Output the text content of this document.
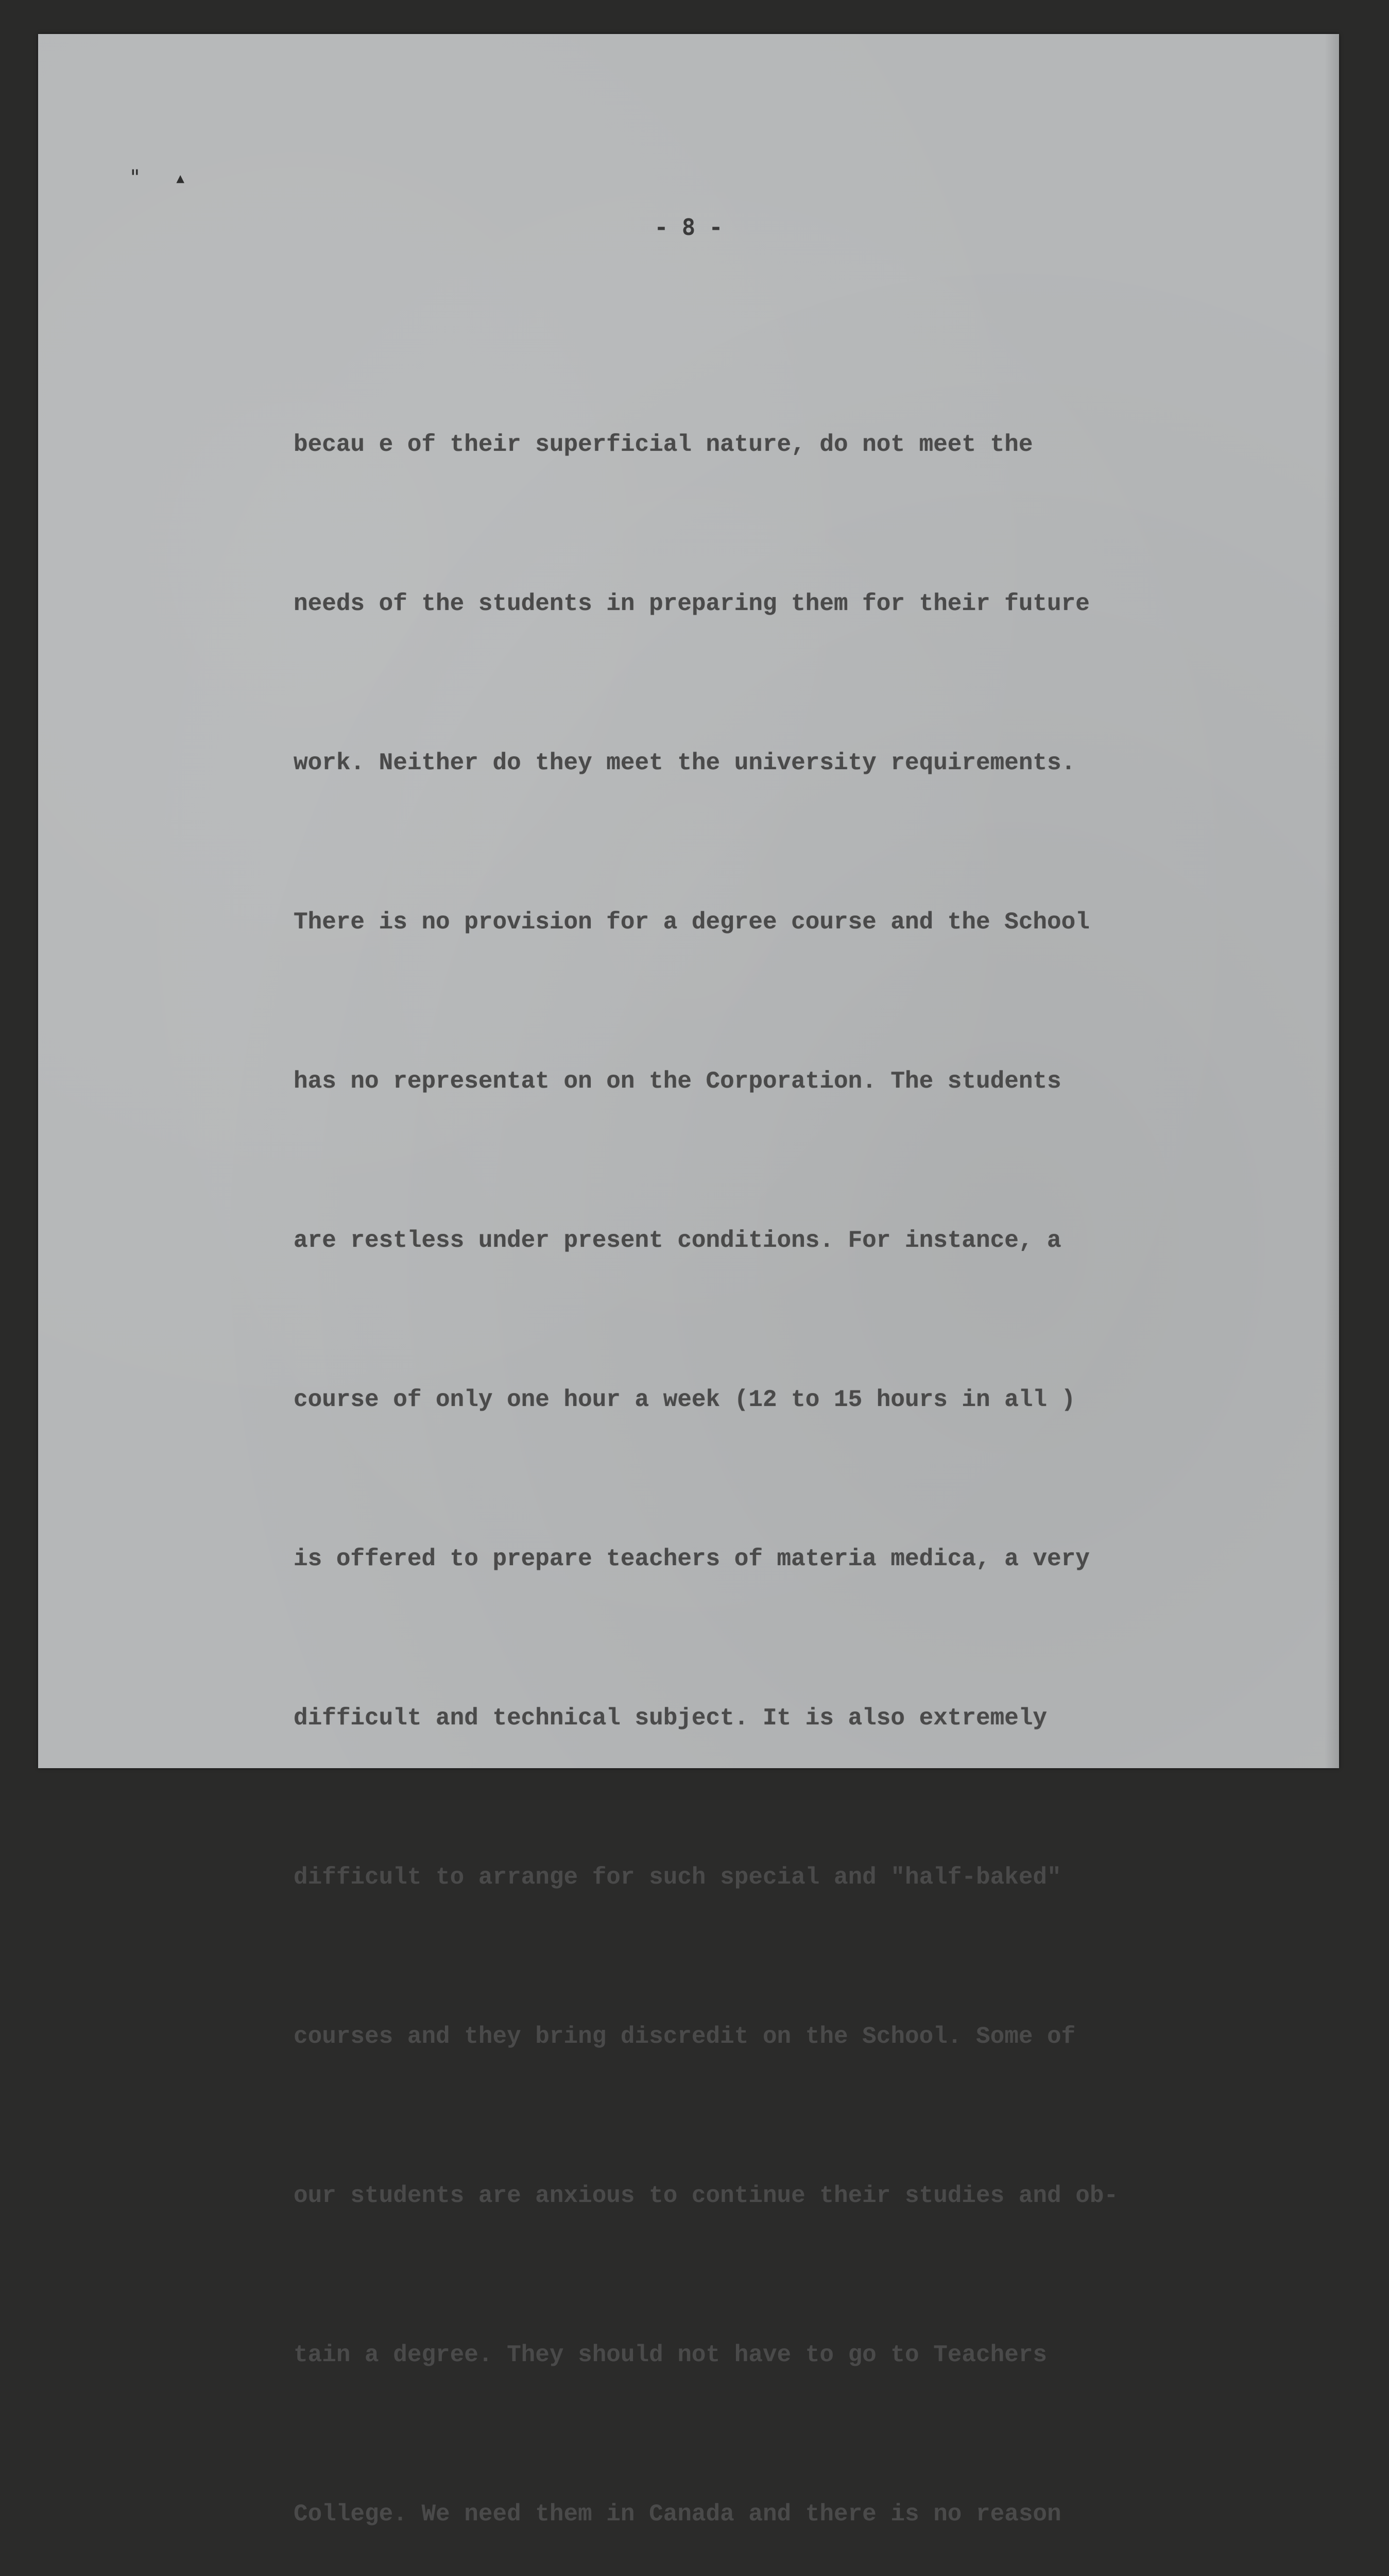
" ▴
- 8 -

becau e of their superficial nature, do not meet the

needs of the students in preparing them for their future

work. Neither do they meet the university requirements.

There is no provision for a degree course and the School

has no representat on on the Corporation. The students

are restless under present conditions. For instance, a

course of only one hour a week (12 to 15 hours in all )

is offered to prepare teachers of materia medica, a very

difficult and technical subject. It is also extremely

difficult to arrange for such special and "half-baked"

courses and they bring discredit on the School. Some of

our students are anxious to continue their studies and ob-

tain a degree. They should not have to go to Teachers

College. We need them in Canada and there is no reason
